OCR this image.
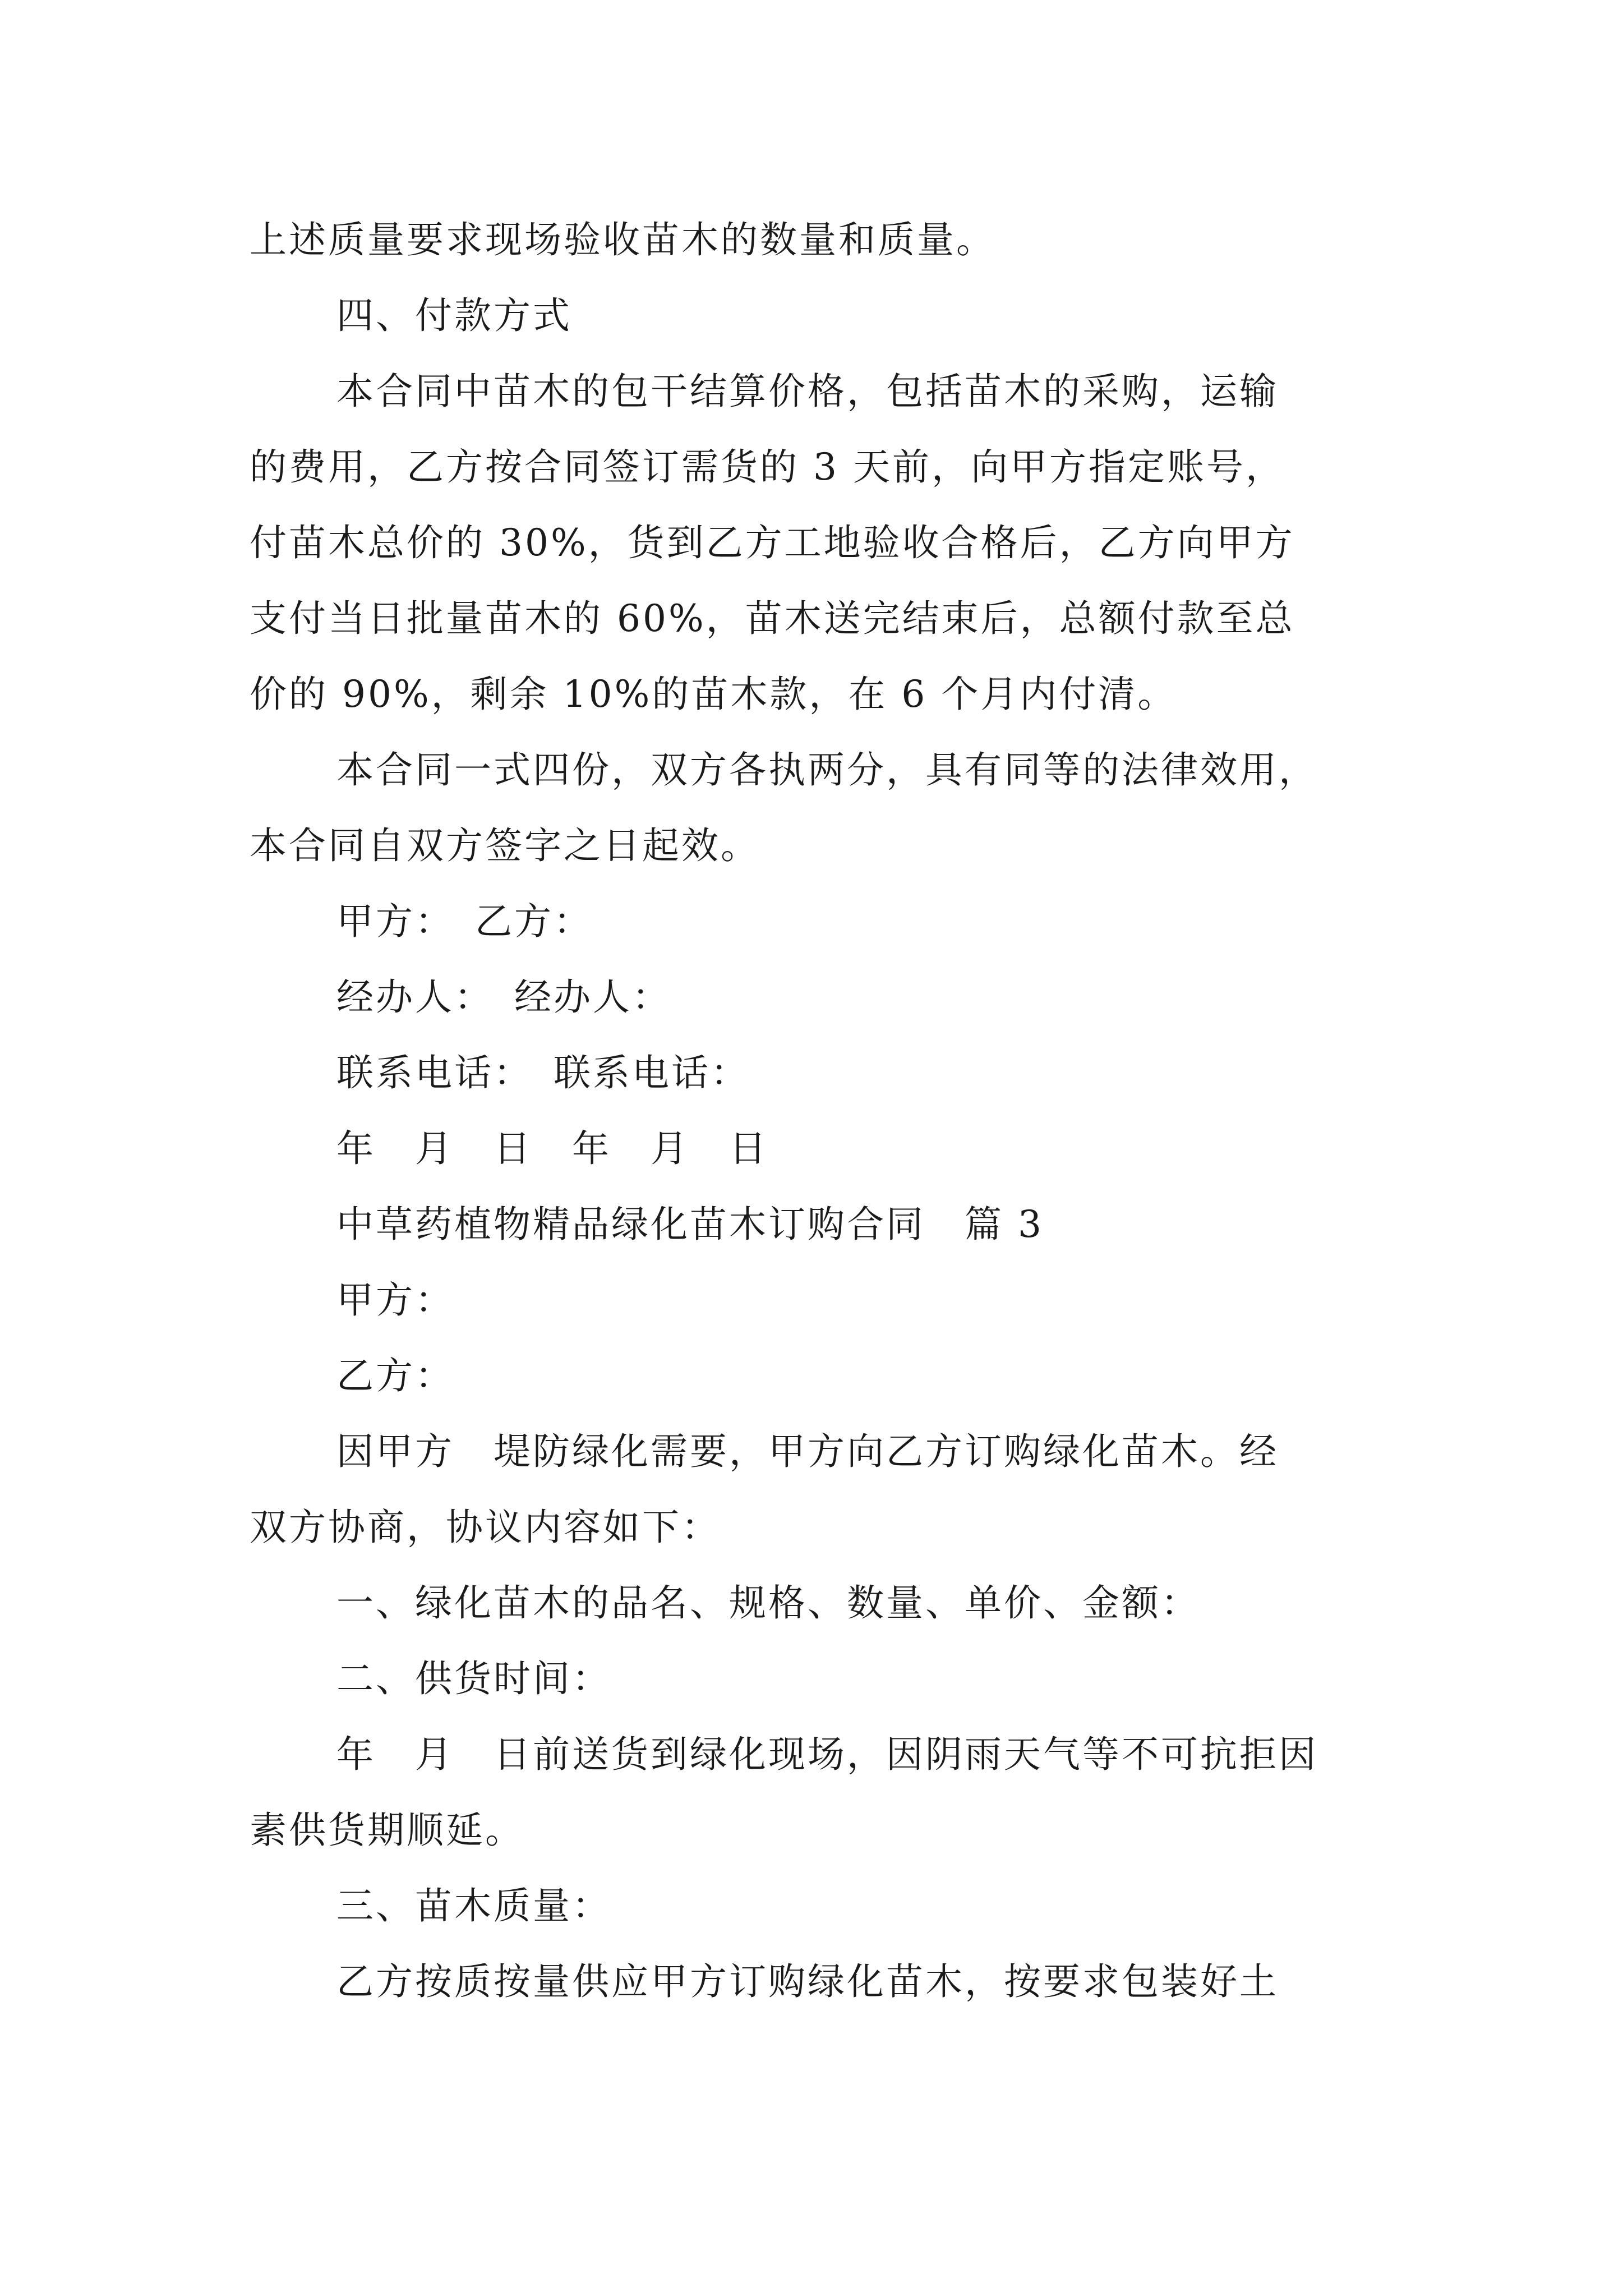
上述质量要求现场验收苗木的数量和质量。
四、付款方式
本合同中苗木的包干结算价格，包括苗木的采购，运输
的费用，乙方按合同签订需货的 3 天前，向甲方指定账号，
付苗木总价的 30%，货到乙方工地验收合格后，乙方向甲方
支付当日批量苗木的 60%，苗木送完结束后，总额付款至总
价的 90%，剩余 10%的苗木款，在 6 个月内付清。
本合同一式四份，双方各执两分，具有同等的法律效用，
本合同自双方签字之日起效。
甲方：　乙方：
经办人：　经办人：
联系电话：　联系电话：
年　月　日　年　月　日
中草药植物精品绿化苗木订购合同　篇 3
甲方：
乙方：
因甲方　堤防绿化需要，甲方向乙方订购绿化苗木。经
双方协商，协议内容如下：
一、绿化苗木的品名、规格、数量、单价、金额：
二、供货时间：
年　月　日前送货到绿化现场，因阴雨天气等不可抗拒因
素供货期顺延。
三、苗木质量：
乙方按质按量供应甲方订购绿化苗木，按要求包装好土
